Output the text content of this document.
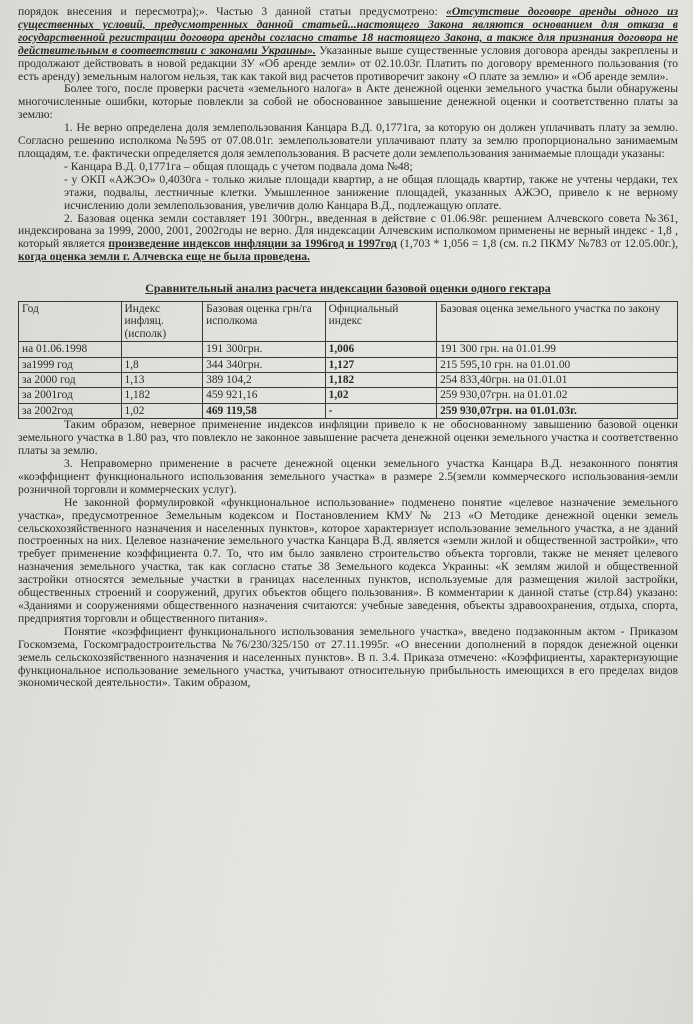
порядок внесения и пересмотра);». Частью 3 данной статьи предусмотрено: «Отсутствие договоре аренды одного из существенных условий, предусмотренных данной статьей...настоящего Закона являются основанием для отказа в государственной регистрации договора аренды согласно статье 18 настоящего Закона, а также для признания договора не действительным в соответствии с законами Украины». Указанные выше существенные условия договора аренды закреплены и продолжают действовать в новой редакции ЗУ «Об аренде земли» от 02.10.03г. Платить по договору временного пользования (то есть аренду) земельным налогом нельзя, так как такой вид расчетов противоречит закону «О плате за землю» и «Об аренде земли».

Более того, после проверки расчета «земельного налога» в Акте денежной оценки земельного участка были обнаружены многочисленные ошибки, которые повлекли за собой не обоснованное завышение денежной оценки и соответственно платы за землю:

1. Не верно определена доля землепользования Канцара В.Д. 0,1771га, за которую он должен уплачивать плату за землю. Согласно решению исполкома №595 от 07.08.01г. землепользователи уплачивают плату за землю пропорционально занимаемым площадям, т.е. фактически определяется доля землепользования. В расчете доли землепользования занимаемые площади указаны:

- Канцара В.Д. 0,1771га – общая площадь с учетом подвала дома №48;

- у ОКП «АЖЭО» 0,4030га - только жилые площади квартир, а не общая площадь квартир, также не учтены чердаки, тех этажи, подвалы, лестничные клетки. Умышленное занижение площадей, указанных АЖЭО, привело к не верному исчислению доли землепользования, увеличив долю Канцара В.Д., подлежащую оплате.

2. Базовая оценка земли составляет 191 300грн., введенная в действие с 01.06.98г. решением Алчевского совета №361, индексирована за 1999, 2000, 2001, 2002годы не верно. Для индексации Алчевским исполкомом применены не верный индекс - 1,8 , который является произведение индексов инфляции за 1996год и 1997год (1,703 * 1,056 = 1,8 (см. п.2 ПКМУ №783 от 12.05.00г.), когда оценка земли г. Алчевска еще не была проведена.

Сравнительный анализ расчета индексации базовой оценки одного гектара
Год	Индекс инфляц. (исполк)	Базовая оценка грн/га исполкома	Официальный индекс	Базовая оценка земельного участка по закону
на 01.06.1998		191 300грн.	1,006	191 300 грн. на 01.01.99
за1999 год	1,8	344 340грн.	1,127	215 595,10 грн. на 01.01.00
за 2000 год	1,13	389 104,2	1,182	254 833,40грн. на 01.01.01
за 2001год	1,182	459 921,16	1,02	259 930,07грн. на 01.01.02
за 2002год	1,02	469 119,58	-	259 930,07грн. на 01.01.03г.

Таким образом, неверное применение индексов инфляции привело к не обоснованному завышению базовой оценки земельного участка в 1.80 раз, что повлекло не законное завышение расчета денежной оценки земельного участка и соответственно платы за землю.

3. Неправомерно применение в расчете денежной оценки земельного участка Канцара В.Д. незаконного понятия «коэффициент функционального использования земельного участка» в размере 2.5(земли коммерческого использования-земли розничной торговли и коммерческих услуг).

Не законной формулировкой «функциональное использование» подменено понятие «целевое назначение земельного участка», предусмотренное Земельным кодексом и Постановлением КМУ № 213 «О Методике денежной оценки земель сельскохозяйственного назначения и населенных пунктов», которое характеризует использование земельного участка, а не зданий построенных на них. Целевое назначение земельного участка Канцара В.Д. является «земли жилой и общественной застройки», что требует применение коэффициента 0.7. То, что им было заявлено строительство объекта торговли, также не меняет целевого назначения земельного участка, так как согласно статье 38 Земельного кодекса Украины: «К землям жилой и общественной застройки относятся земельные участки в границах населенных пунктов, используемые для размещения жилой застройки, общественных строений и сооружений, других объектов общего пользования». В комментарии к данной статье (стр.84) указано: «Зданиями и сооружениями общественного назначения считаются: учебные заведения, объекты здравоохранения, отдыха, спорта, предприятия торговли и общественного питания».

Понятие «коэффициент функционального использования земельного участка», введено подзаконным актом - Приказом Госкомзема, Госкомградостроительства №76/230/325/150 от 27.11.1995г. «О внесении дополнений в порядок денежной оценки земель сельскохозяйственного назначения и населенных пунктов». В п. 3.4. Приказа отмечено: «Коэффициенты, характеризующие функциональное использование земельного участка, учитывают относительную прибыльность имеющихся в его пределах видов экономической деятельности». Таким образом,
